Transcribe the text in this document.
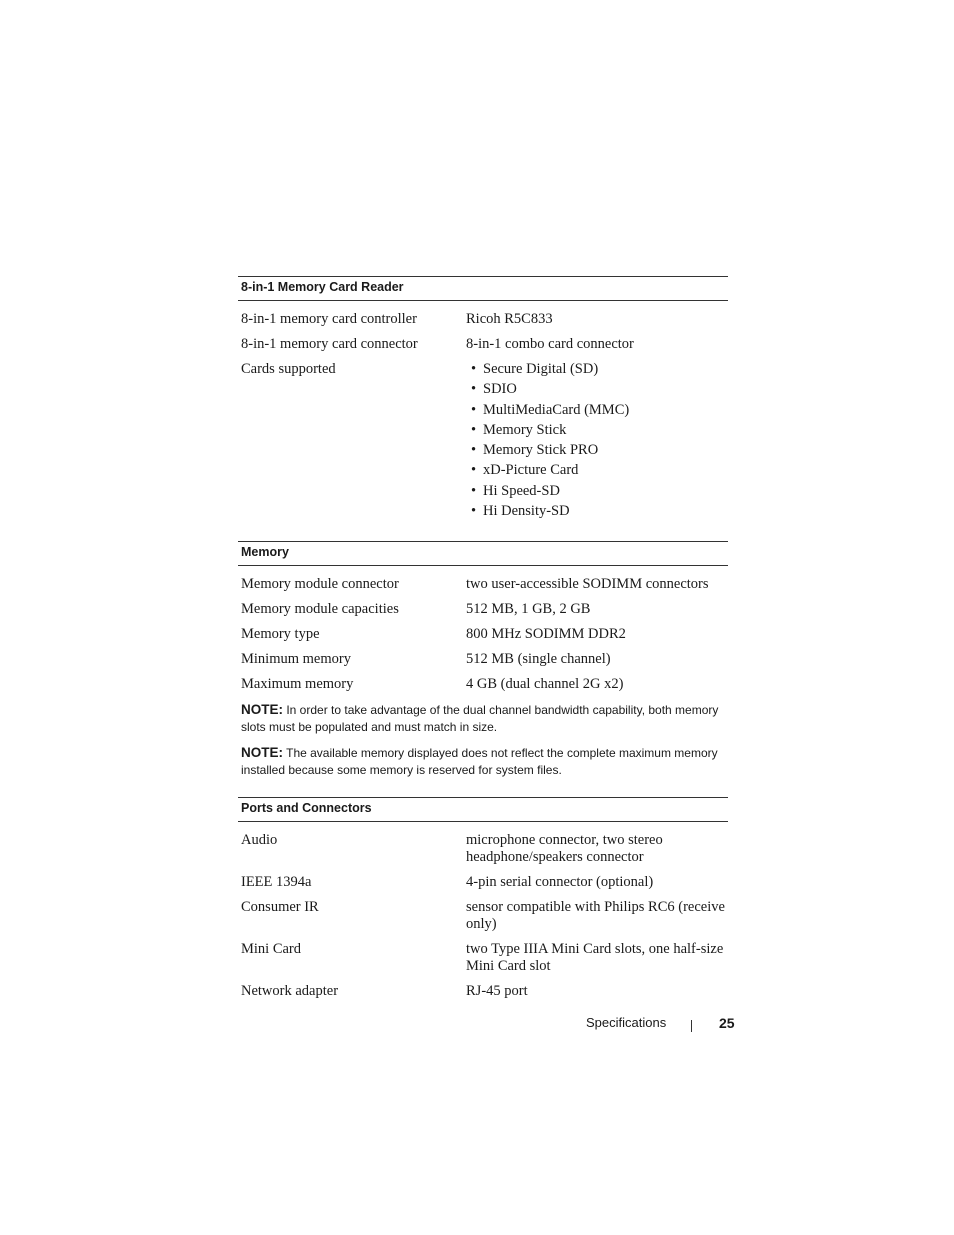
8-in-1 Memory Card Reader
8-in-1 memory card controller	Ricoh R5C833
8-in-1 memory card connector	8-in-1 combo card connector
Cards supported
•	Secure Digital (SD)
• SDIO
• MultiMediaCard (MMC)
• Memory Stick
• Memory Stick PRO
• xD-Picture Card
• Hi Speed-SD
• Hi Density-SD
Memory
Memory module connector	two user-accessible SODIMM connectors
Memory module capacities	512 MB, 1 GB, 2 GB
Memory type	800 MHz SODIMM DDR2
Minimum memory	512 MB (single channel)
Maximum memory	4 GB (dual channel 2G x2)
NOTE: In order to take advantage of the dual channel bandwidth capability, both memory slots must be populated and must match in size.
NOTE: The available memory displayed does not reflect the complete maximum memory installed because some memory is reserved for system files.
Ports and Connectors
Audio	microphone connector, two stereo headphone/speakers connector
IEEE 1394a	4-pin serial connector (optional)
Consumer IR	sensor compatible with Philips RC6 (receive only)
Mini Card	two Type IIIA Mini Card slots, one half-size Mini Card slot
Network adapter	RJ-45 port
Specifications	25
